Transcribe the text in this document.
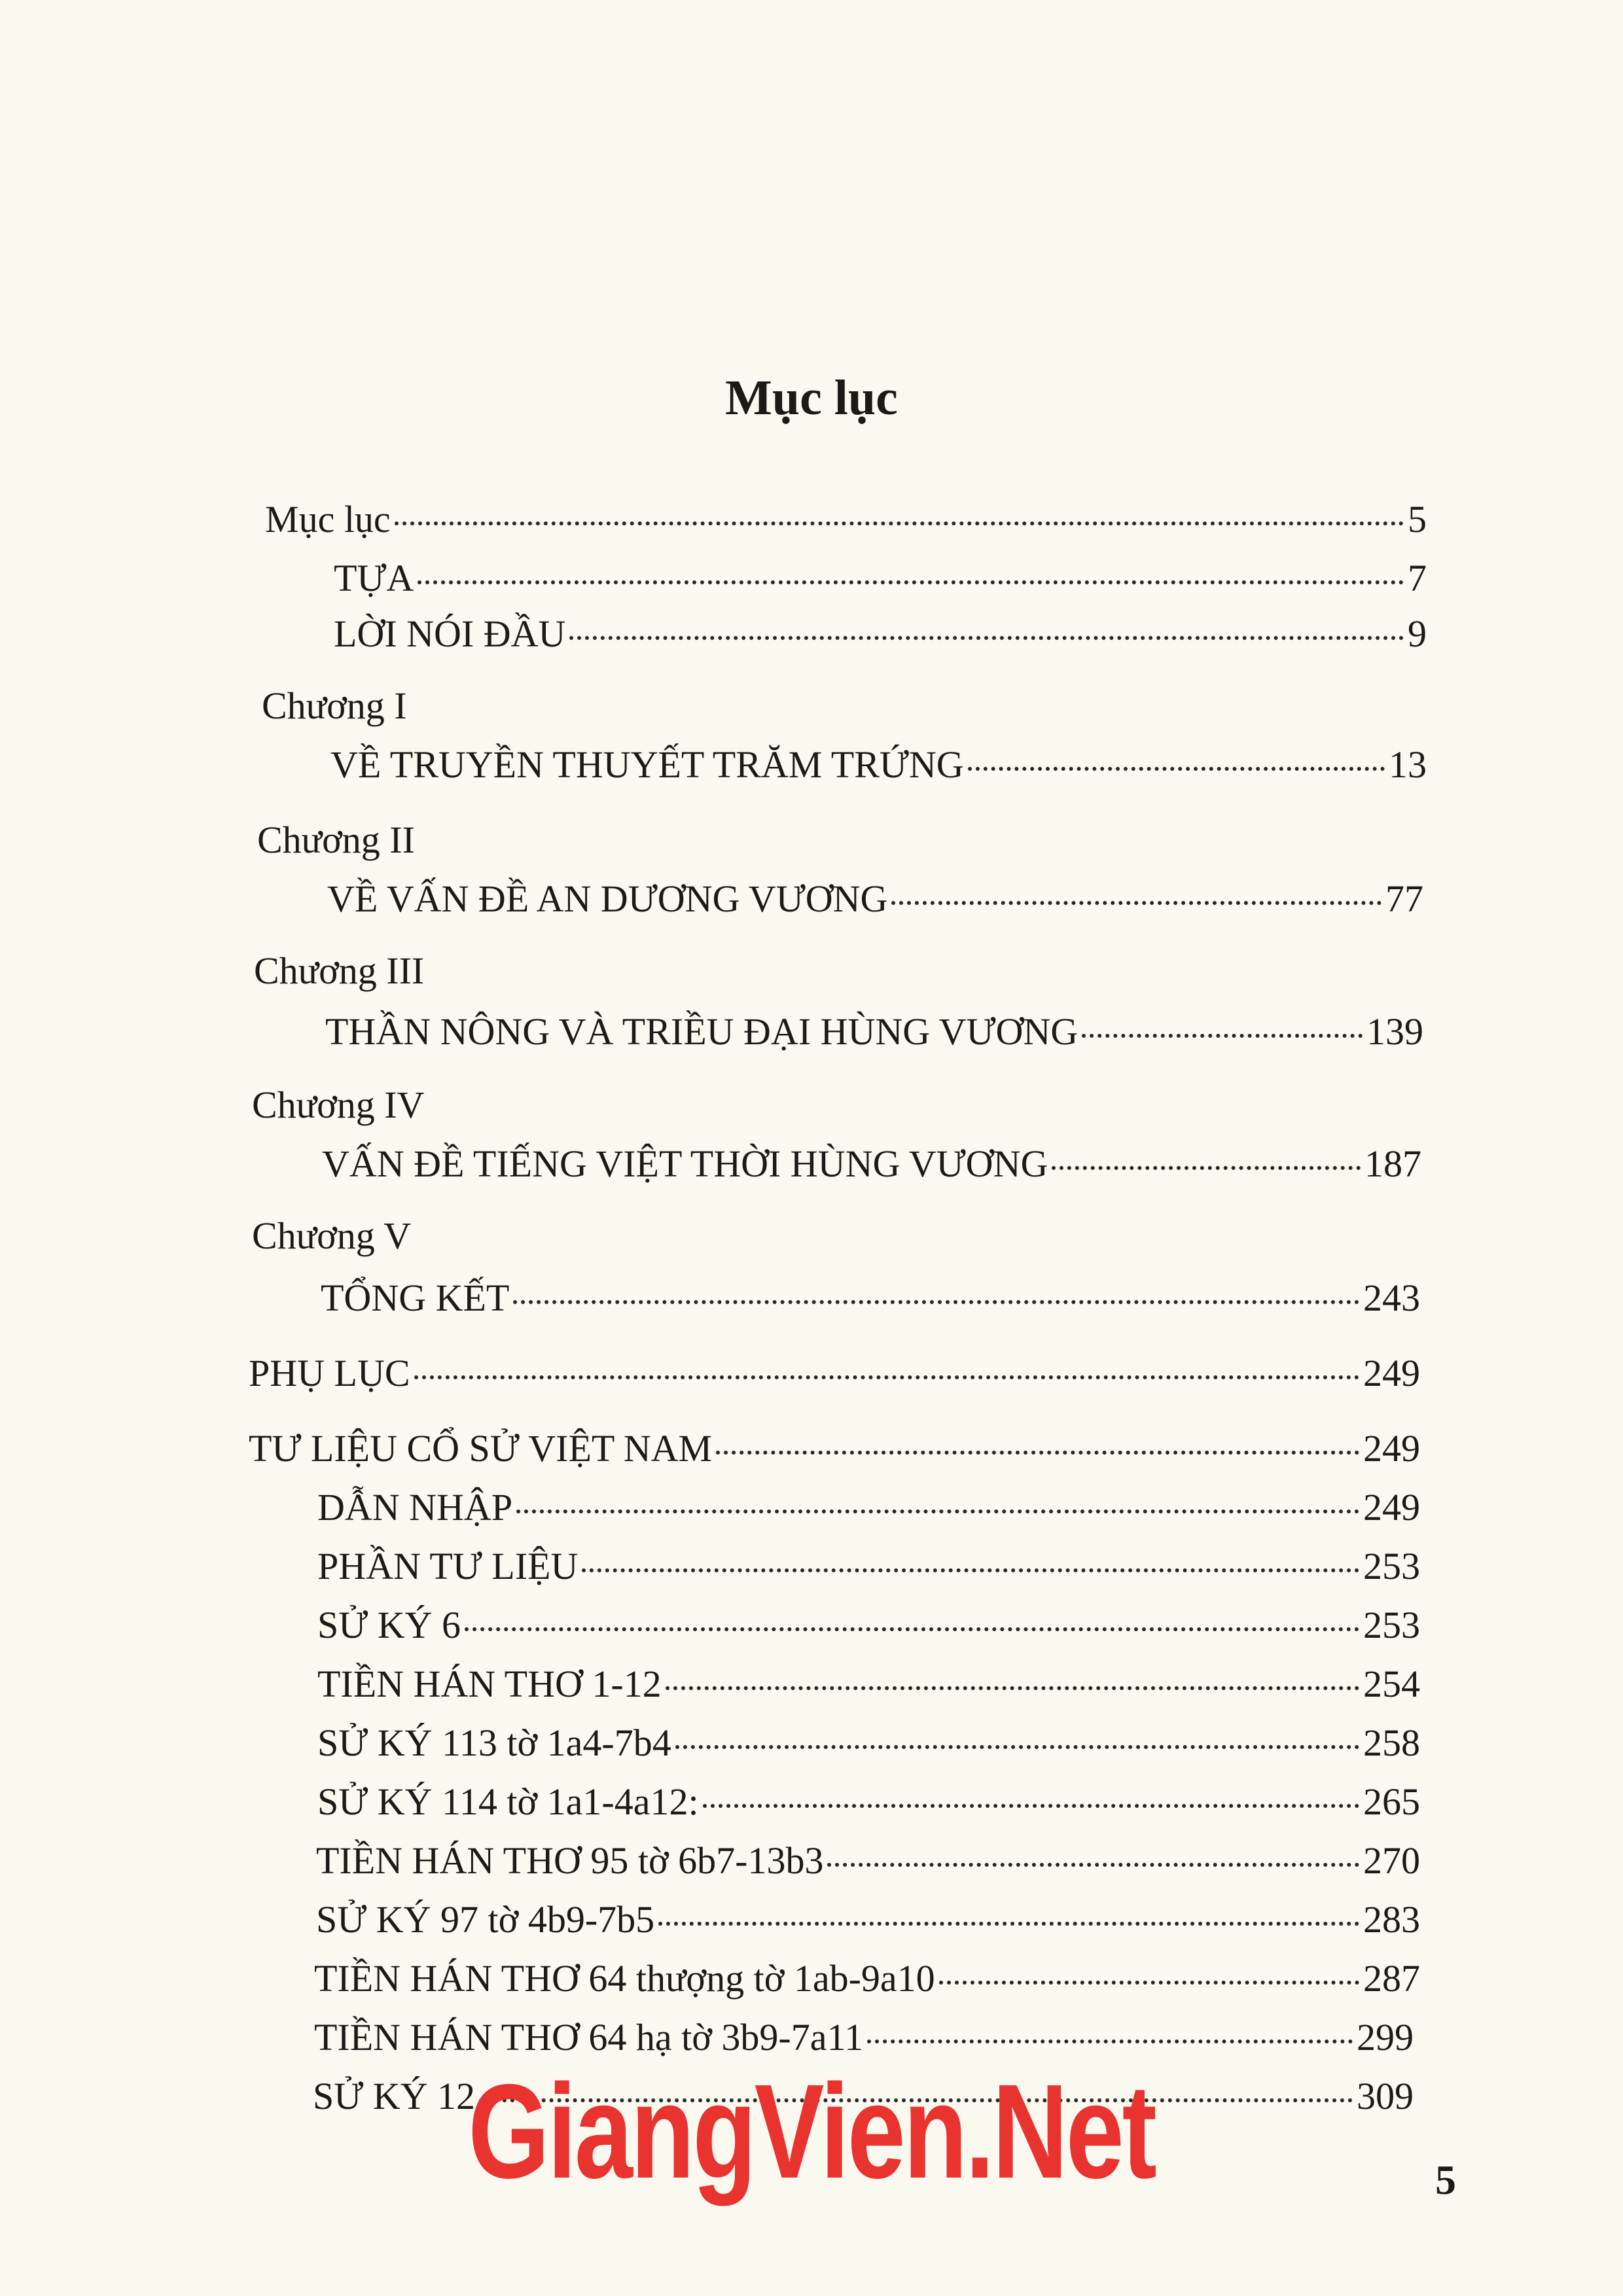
Mục lục
Mục lục	5
TỰA	7
LỜI NÓI ĐẦU	9
Chương I
VỀ TRUYỀN THUYẾT TRĂM TRỨNG	13
Chương II
VỀ VẤN ĐỀ AN DƯƠNG VƯƠNG	77
Chương III
THẦN NÔNG VÀ TRIỀU ĐẠI HÙNG VƯƠNG	139
Chương IV
VẤN ĐỀ TIẾNG VIỆT THỜI HÙNG VƯƠNG	187
Chương V
TỔNG KẾT	243
PHỤ LỤC	249
TƯ LIỆU CỔ SỬ VIỆT NAM	249
DẪN NHẬP	249
PHẦN TƯ LIỆU	253
SỬ KÝ 6	253
TIỀN HÁN THƠ 1-12	254
SỬ KÝ 113 tờ 1a4-7b4	258
SỬ KÝ 114 tờ 1a1-4a12:	265
TIỀN HÁN THƠ 95 tờ 6b7-13b3	270
SỬ KÝ 97 tờ 4b9-7b5	283
TIỀN HÁN THƠ 64 thượng tờ 1ab-9a10	287
TIỀN HÁN THƠ 64 hạ tờ 3b9-7a11	299
SỬ KÝ 12	309
GiangVien.Net	5
